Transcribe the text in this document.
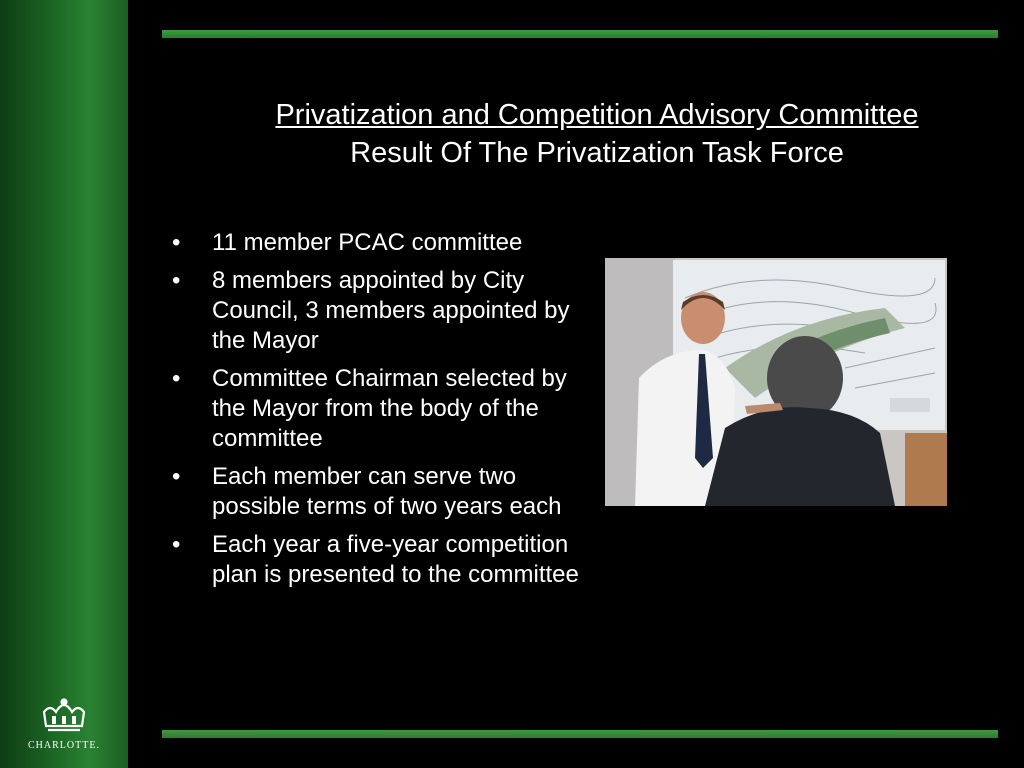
CHARLOTTE.
Privatization and Competition Advisory Committee
Result Of The Privatization Task Force
• 11 member PCAC committee
• 8 members appointed by City Council, 3 members appointed by the Mayor
• Committee Chairman selected by the Mayor from the body of the committee
• Each member can serve two possible terms of two years each
• Each year a five-year competition plan is presented to the committee
